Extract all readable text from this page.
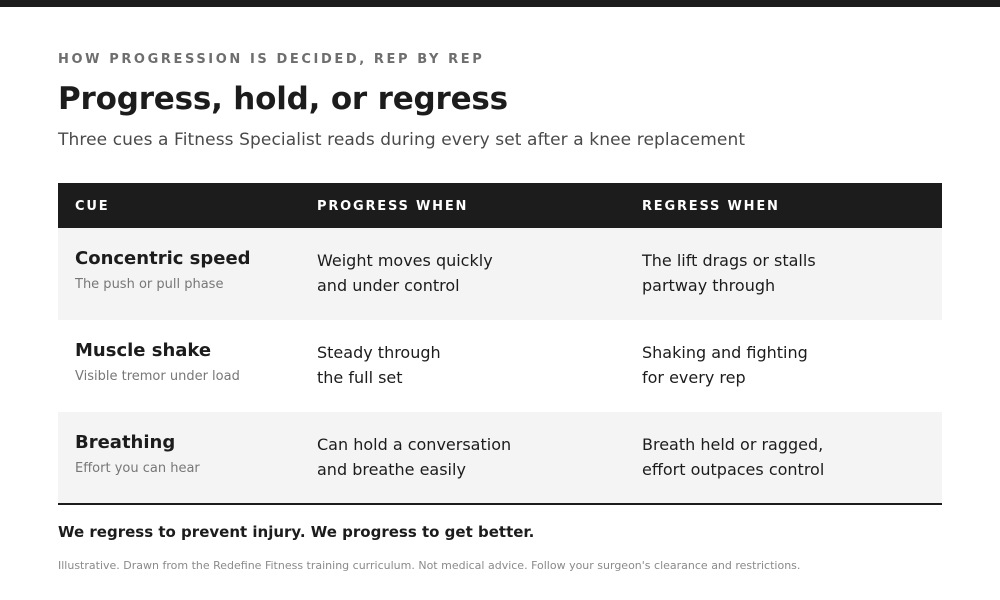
HOW PROGRESSION IS DECIDED, REP BY REP
Progress, hold, or regress
Three cues a Fitness Specialist reads during every set after a knee replacement
CUE	PROGRESS WHEN	REGRESS WHEN
Concentric speed
The push or pull phase
Weight moves quickly
and under control
The lift drags or stalls
partway through
Muscle shake
Visible tremor under load
Steady through
the full set
Shaking and fighting
for every rep
Breathing
Effort you can hear
Can hold a conversation
and breathe easily
Breath held or ragged,
effort outpaces control
We regress to prevent injury. We progress to get better.
Illustrative. Drawn from the Redefine Fitness training curriculum. Not medical advice. Follow your surgeon's clearance and restrictions.
